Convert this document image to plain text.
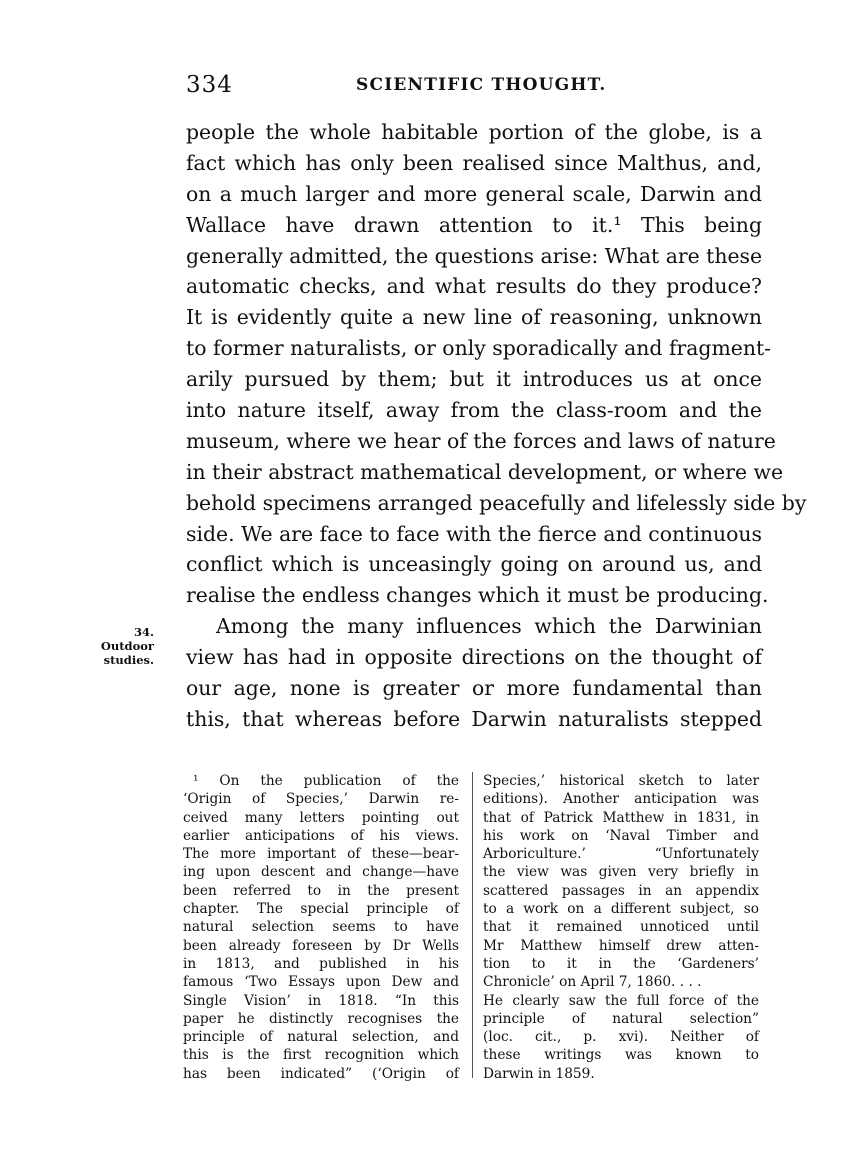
334	SCIENTIFIC THOUGHT.
people the whole habitable portion of the globe, is a
fact which has only been realised since Malthus, and,
on a much larger and more general scale, Darwin and
Wallace have drawn attention to it.¹ This being
generally admitted, the questions arise: What are these
automatic checks, and what results do they produce?
It is evidently quite a new line of reasoning, unknown
to former naturalists, or only sporadically and fragment-
arily pursued by them; but it introduces us at once
into nature itself, away from the class-room and the
museum, where we hear of the forces and laws of nature
in their abstract mathematical development, or where we
behold specimens arranged peacefully and lifelessly side by
side. We are face to face with the fierce and continuous
conflict which is unceasingly going on around us, and
realise the endless changes which it must be producing.
Among the many influences which the Darwinian
view has had in opposite directions on the thought of
our age, none is greater or more fundamental than
this, that whereas before Darwin naturalists stepped
34.
Outdoor
studies.
¹ On the publication of the
‘Origin of Species,’ Darwin re-
ceived many letters pointing out
earlier anticipations of his views.
The more important of these—bear-
ing upon descent and change—have
been referred to in the present
chapter. The special principle of
natural selection seems to have
been already foreseen by Dr Wells
in 1813, and published in his
famous ‘Two Essays upon Dew and
Single Vision’ in 1818. “In this
paper he distinctly recognises the
principle of natural selection, and
this is the first recognition which
has been indicated” (‘Origin of
Species,’ historical sketch to later
editions). Another anticipation was
that of Patrick Matthew in 1831, in
his work on ‘Naval Timber and
Arboriculture.’ “Unfortunately
the view was given very briefly in
scattered passages in an appendix
to a work on a different subject, so
that it remained unnoticed until
Mr Matthew himself drew atten-
tion to it in the ‘Gardeners’
Chronicle’ on April 7, 1860. . . .
He clearly saw the full force of the
principle of natural selection”
(loc. cit., p. xvi). Neither of
these writings was known to
Darwin in 1859.
